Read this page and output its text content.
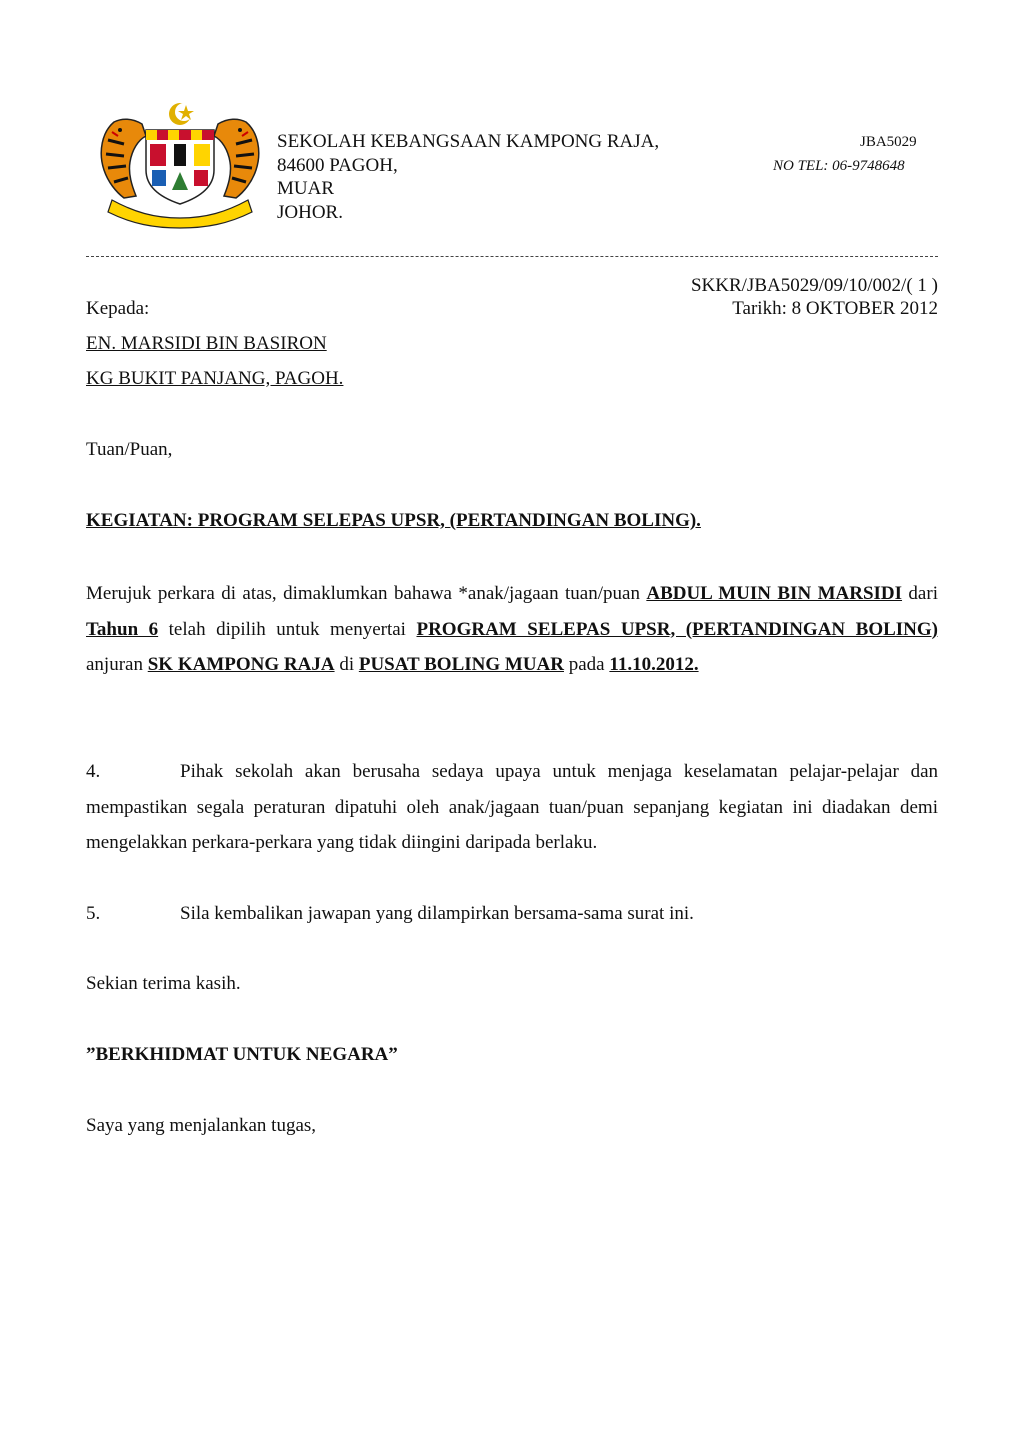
SEKOLAH KEBANGSAAN KAMPONG RAJA,
84600 PAGOH,
MUAR
JOHOR.
JBA5029
NO TEL: 06-9748648
SKKR/JBA5029/09/10/002/( 1 )
Kepada:	Tarikh: 8 OKTOBER 2012
EN. MARSIDI BIN BASIRON
KG BUKIT PANJANG, PAGOH.
Tuan/Puan,
KEGIATAN: PROGRAM SELEPAS UPSR, (PERTANDINGAN BOLING).
Merujuk perkara di atas, dimaklumkan bahawa *anak/jagaan tuan/puan ABDUL MUIN BIN MARSIDI dari Tahun 6 telah dipilih untuk menyertai PROGRAM SELEPAS UPSR, (PERTANDINGAN BOLING) anjuran SK KAMPONG RAJA di PUSAT BOLING MUAR pada 11.10.2012.
4.	Pihak sekolah akan berusaha sedaya upaya untuk menjaga keselamatan pelajar-pelajar dan mempastikan segala peraturan dipatuhi oleh anak/jagaan tuan/puan sepanjang kegiatan ini diadakan demi mengelakkan perkara-perkara yang tidak diingini daripada berlaku.
5.	Sila kembalikan jawapan yang dilampirkan bersama-sama surat ini.
Sekian terima kasih.
”BERKHIDMAT UNTUK NEGARA”
Saya yang menjalankan tugas,
